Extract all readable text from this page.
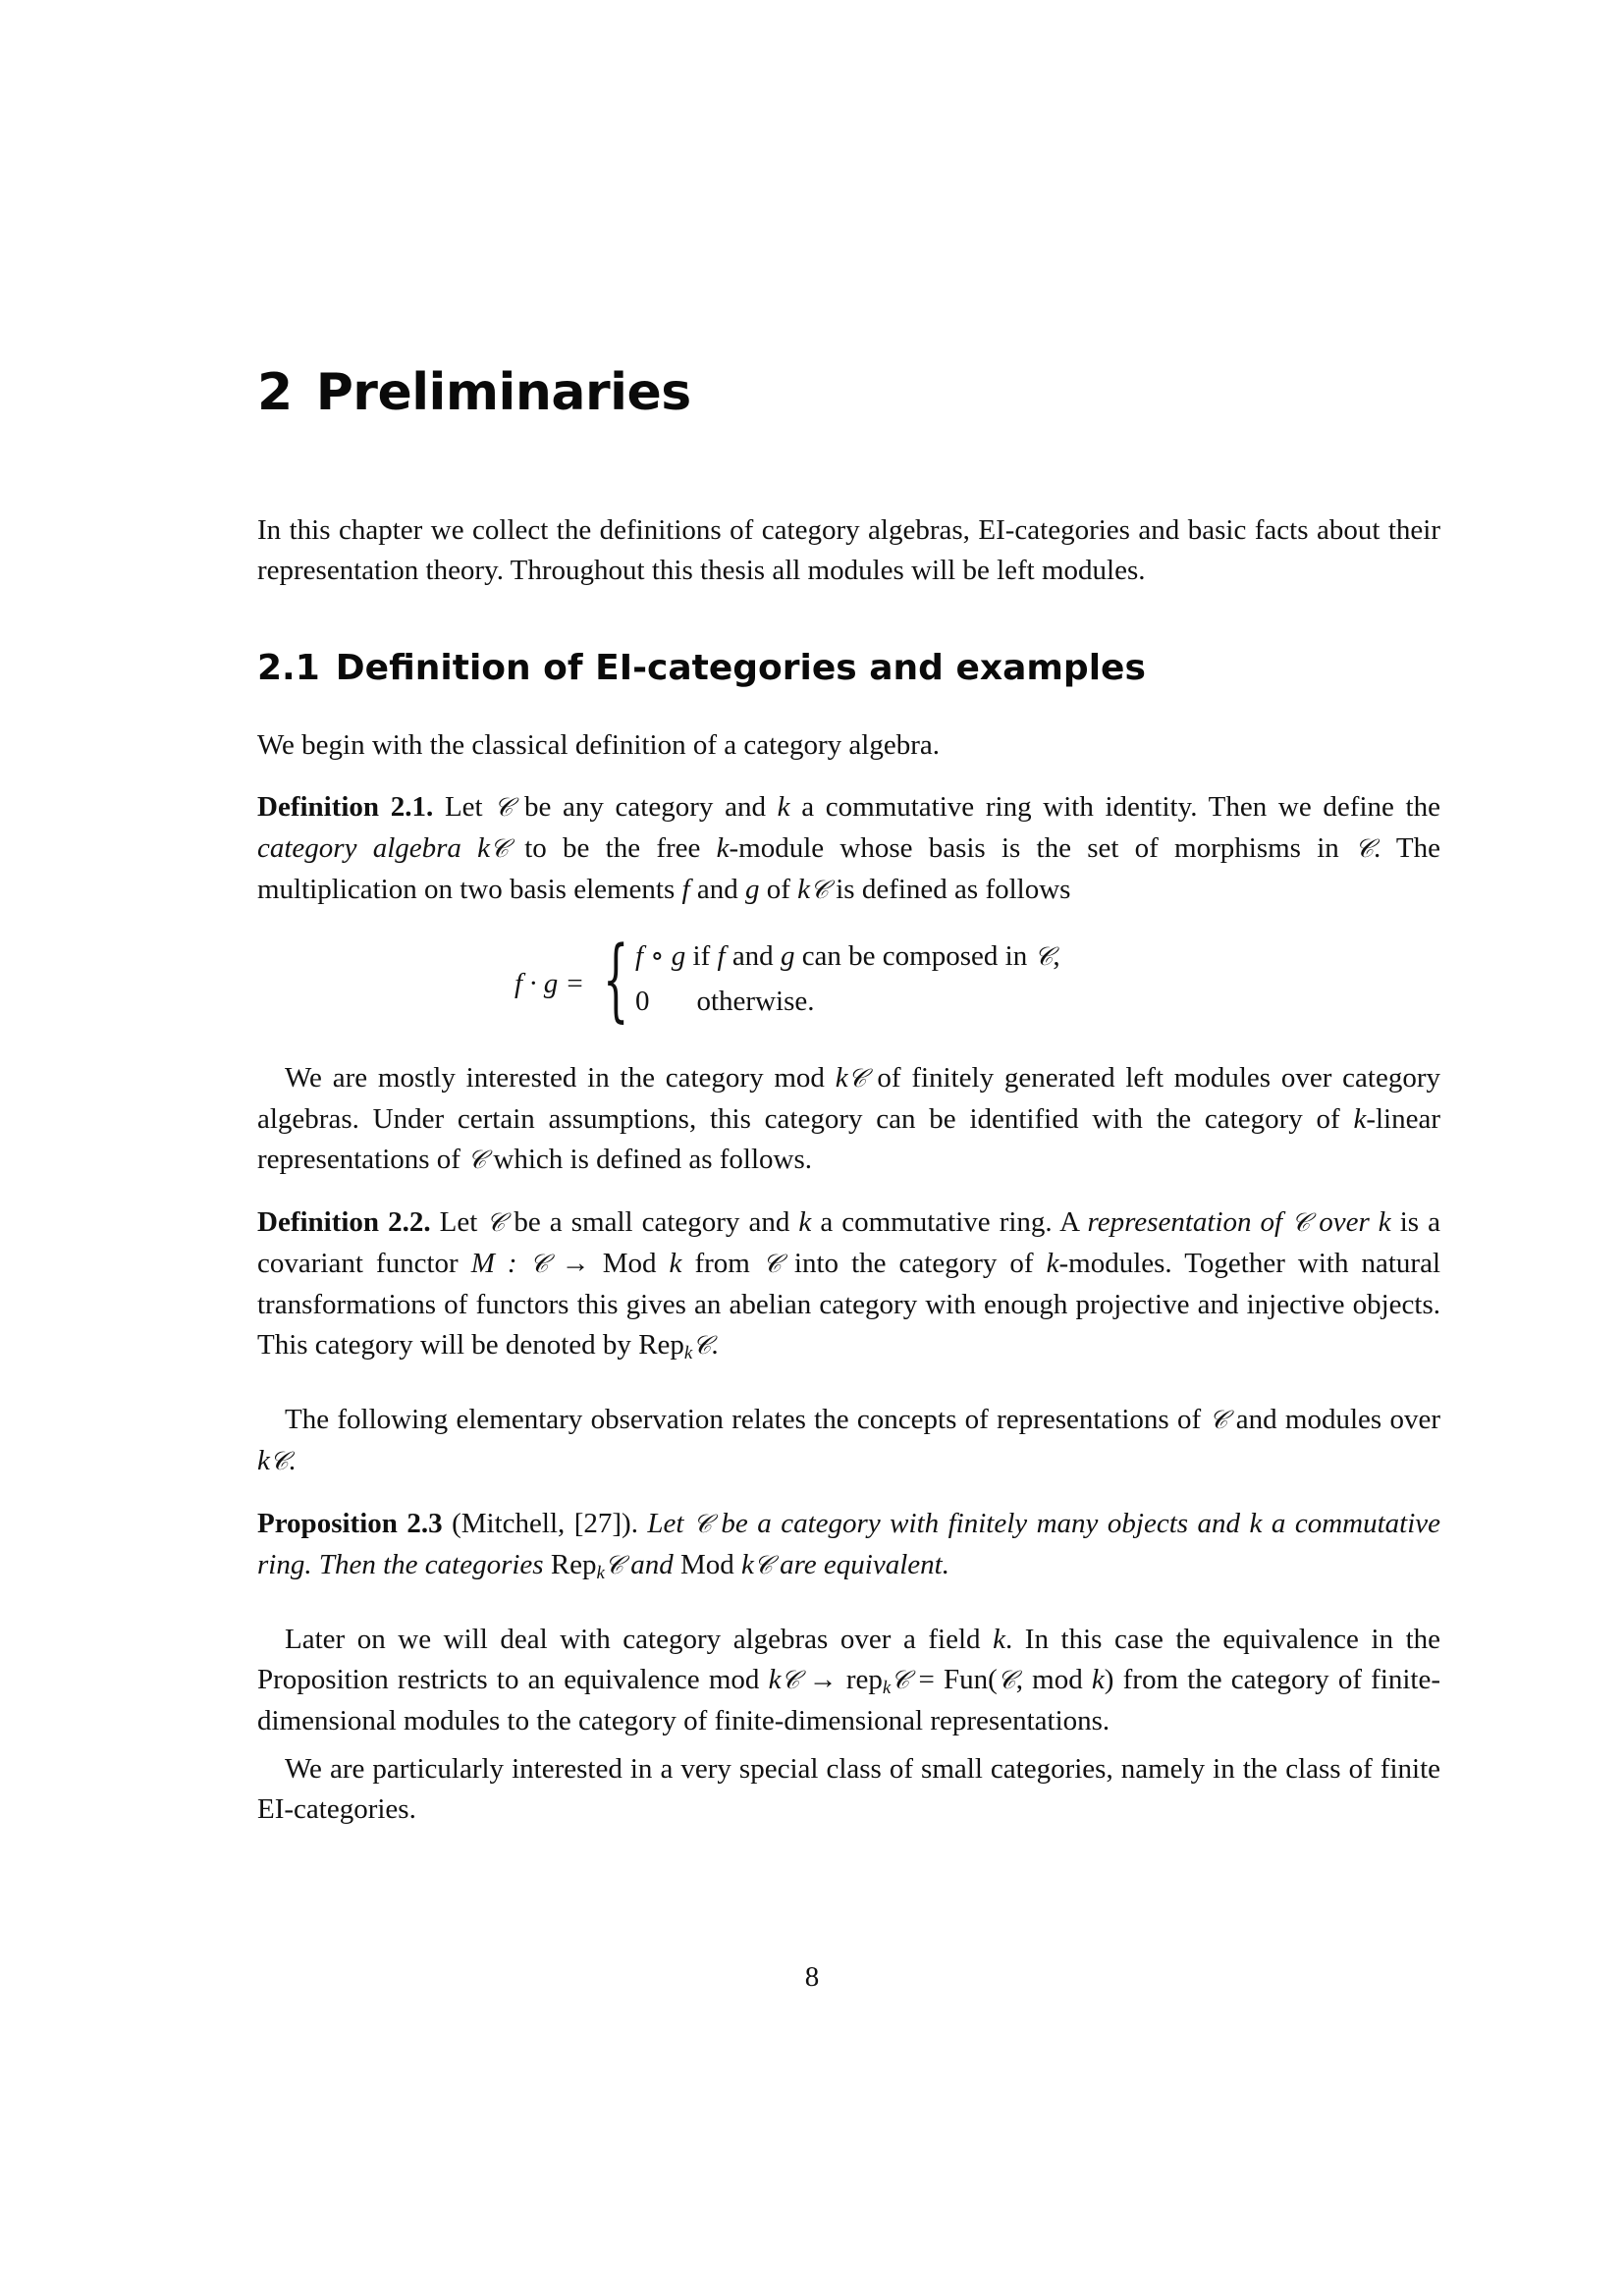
2 Preliminaries

In this chapter we collect the definitions of category algebras, EI-categories and basic facts about their representation theory. Throughout this thesis all modules will be left modules.

2.1 Definition of EI-categories and examples

We begin with the classical definition of a category algebra.

Definition 2.1. Let 𝒞 be any category and k a commutative ring with identity. Then we define the category algebra k𝒞 to be the free k-module whose basis is the set of morphisms in 𝒞. The multiplication on two basis elements f and g of k𝒞 is defined as follows

f · g = { f ∘ g if f and g can be composed in 𝒞,
0 otherwise.

We are mostly interested in the category mod k𝒞 of finitely generated left modules over category algebras. Under certain assumptions, this category can be identified with the category of k-linear representations of 𝒞 which is defined as follows.

Definition 2.2. Let 𝒞 be a small category and k a commutative ring. A representation of 𝒞 over k is a covariant functor M : 𝒞 → Mod k from 𝒞 into the category of k-modules. Together with natural transformations of functors this gives an abelian category with enough projective and injective objects. This category will be denoted by Rep$_k$𝒞.

The following elementary observation relates the concepts of representations of 𝒞 and modules over k𝒞.

Proposition 2.3 (Mitchell, [27]). Let 𝒞 be a category with finitely many objects and k a commutative ring. Then the categories Rep$_k$𝒞 and Mod k𝒞 are equivalent.

Later on we will deal with category algebras over a field k. In this case the equivalence in the Proposition restricts to an equivalence mod k𝒞 → rep$_k$𝒞 = Fun(𝒞, mod k) from the category of finite-dimensional modules to the category of finite-dimensional representations.

We are particularly interested in a very special class of small categories, namely in the class of finite EI-categories.

8
